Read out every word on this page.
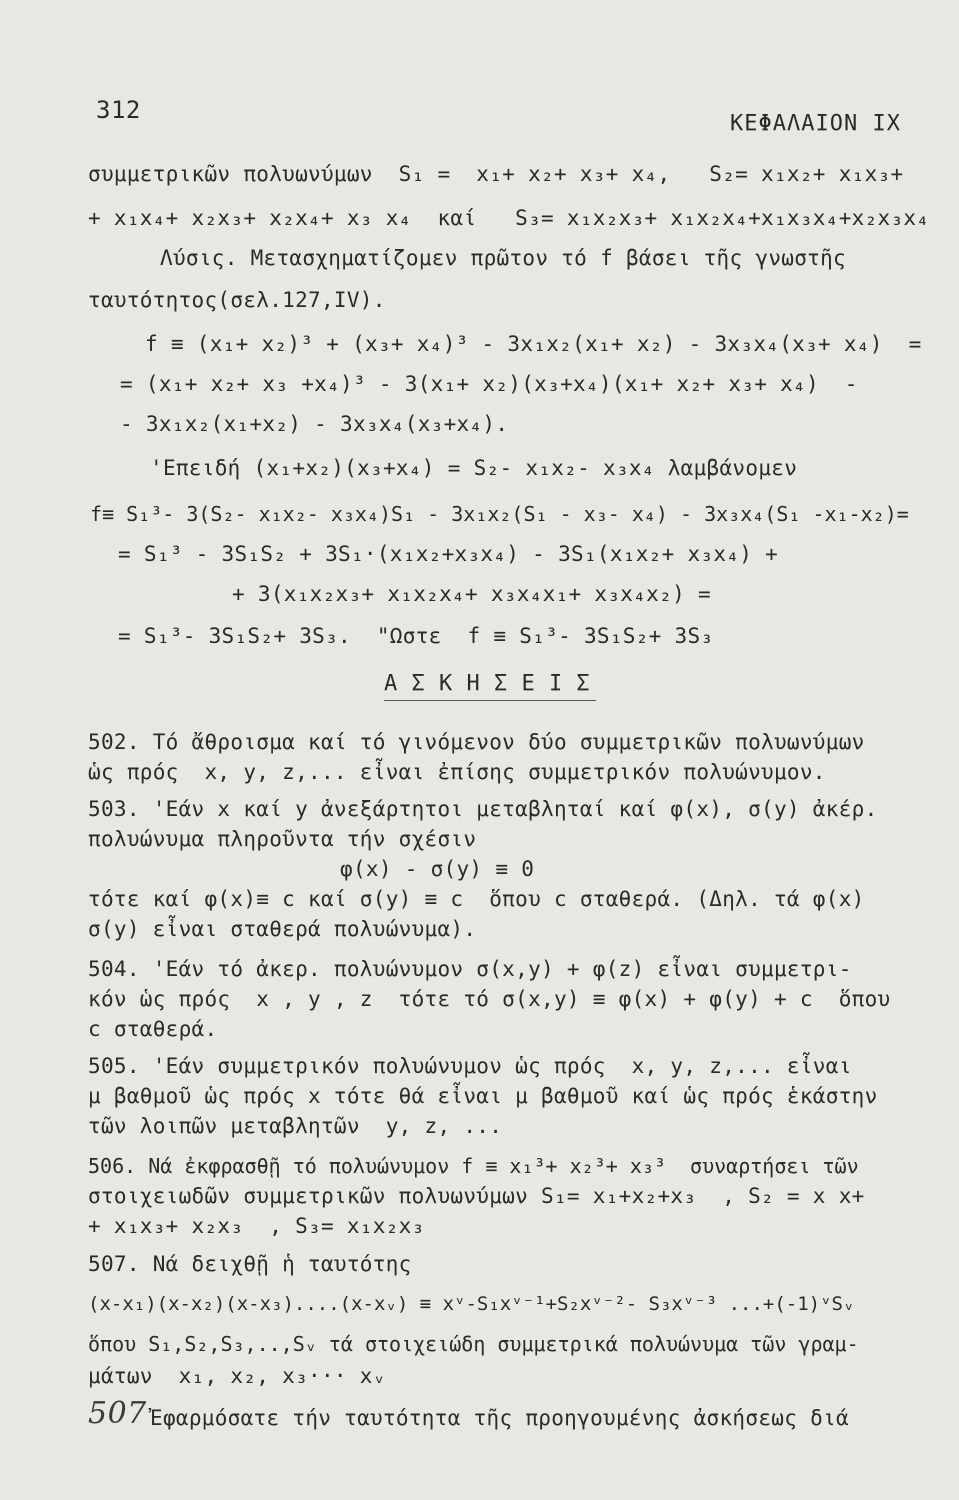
312	ΚΕΦΑΛΑΙΟΝ ΙΧ
συμμετρικῶν πολυωνύμων  S₁ =  x₁+ x₂+ x₃+ x₄,   S₂= x₁x₂+ x₁x₃+
+ x₁x₄+ x₂x₃+ x₂x₄+ x₃ x₄  καί   S₃= x₁x₂x₃+ x₁x₂x₄+x₁x₃x₄+x₂x₃x₄
Λύσις. Μετασχηματίζομεν πρῶτον τό f βάσει τῆς γνωστῆς
ταυτότητος(σελ.127,IV).
f ≡ (x₁+ x₂)³ + (x₃+ x₄)³ - 3x₁x₂(x₁+ x₂) - 3x₃x₄(x₃+ x₄)  =
= (x₁+ x₂+ x₃ +x₄)³ - 3(x₁+ x₂)(x₃+x₄)(x₁+ x₂+ x₃+ x₄)  -
- 3x₁x₂(x₁+x₂) - 3x₃x₄(x₃+x₄).
'Επειδή (x₁+x₂)(x₃+x₄) = S₂- x₁x₂- x₃x₄ λαμβάνομεν
f≡ S₁³- 3(S₂- x₁x₂- x₃x₄)S₁ - 3x₁x₂(S₁ - x₃- x₄) - 3x₃x₄(S₁ -x₁-x₂)=
= S₁³ - 3S₁S₂ + 3S₁·(x₁x₂+x₃x₄) - 3S₁(x₁x₂+ x₃x₄) +
+ 3(x₁x₂x₃+ x₁x₂x₄+ x₃x₄x₁+ x₃x₄x₂) =
= S₁³- 3S₁S₂+ 3S₃.  "Ωστε  f ≡ S₁³- 3S₁S₂+ 3S₃
Α Σ Κ Η Σ Ε Ι Σ
502. Τό ἄθροισμα καί τό γινόμενον δύο συμμετρικῶν πολυωνύμων
ὡς πρός  x, y, z,... εἶναι ἐπίσης συμμετρικόν πολυώνυμον.
503. 'Εάν x καί y ἀνεξάρτητοι μεταβληταί καί φ(x), σ(y) ἀκέρ.
πολυώνυμα πληροῦντα τήν σχέσιν
φ(x) - σ(y) ≡ 0
τότε καί φ(x)≡ c καί σ(y) ≡ c  ὅπου c σταθερά. (Δηλ. τά φ(x)
σ(y) εἶναι σταθερά πολυώνυμα).
504. 'Εάν τό ἀκερ. πολυώνυμον σ(x,y) + φ(z) εἶναι συμμετρι-
κόν ὡς πρός  x , y , z  τότε τό σ(x,y) ≡ φ(x) + φ(y) + c  ὅπου
c σταθερά.
505. 'Εάν συμμετρικόν πολυώνυμον ὡς πρός  x, y, z,... εἶναι
μ βαθμοῦ ὡς πρός x τότε θά εἶναι μ βαθμοῦ καί ὡς πρός ἑκάστην
τῶν λοιπῶν μεταβλητῶν  y, z, ...
506. Νά ἐκφρασθῇ τό πολυώνυμον f ≡ x₁³+ x₂³+ x₃³  συναρτήσει τῶν
στοιχειωδῶν συμμετρικῶν πολυωνύμων S₁= x₁+x₂+x₃  , S₂ = x x+
+ x₁x₃+ x₂x₃  , S₃= x₁x₂x₃
507. Νά δειχθῇ ἡ ταυτότης
(x-x₁)(x-x₂)(x-x₃)....(x-xᵥ) ≡ xᵛ-S₁xᵛ⁻¹+S₂xᵛ⁻²- S₃xᵛ⁻³ ...+(-1)ᵛSᵥ
ὅπου S₁,S₂,S₃,..,Sᵥ τά στοιχειώδη συμμετρικά πολυώνυμα τῶν γραμ-
μάτων  x₁, x₂, x₃··· xᵥ
507 Ἐφαρμόσατε τήν ταυτότητα τῆς προηγουμένης ἀσκήσεως διά
